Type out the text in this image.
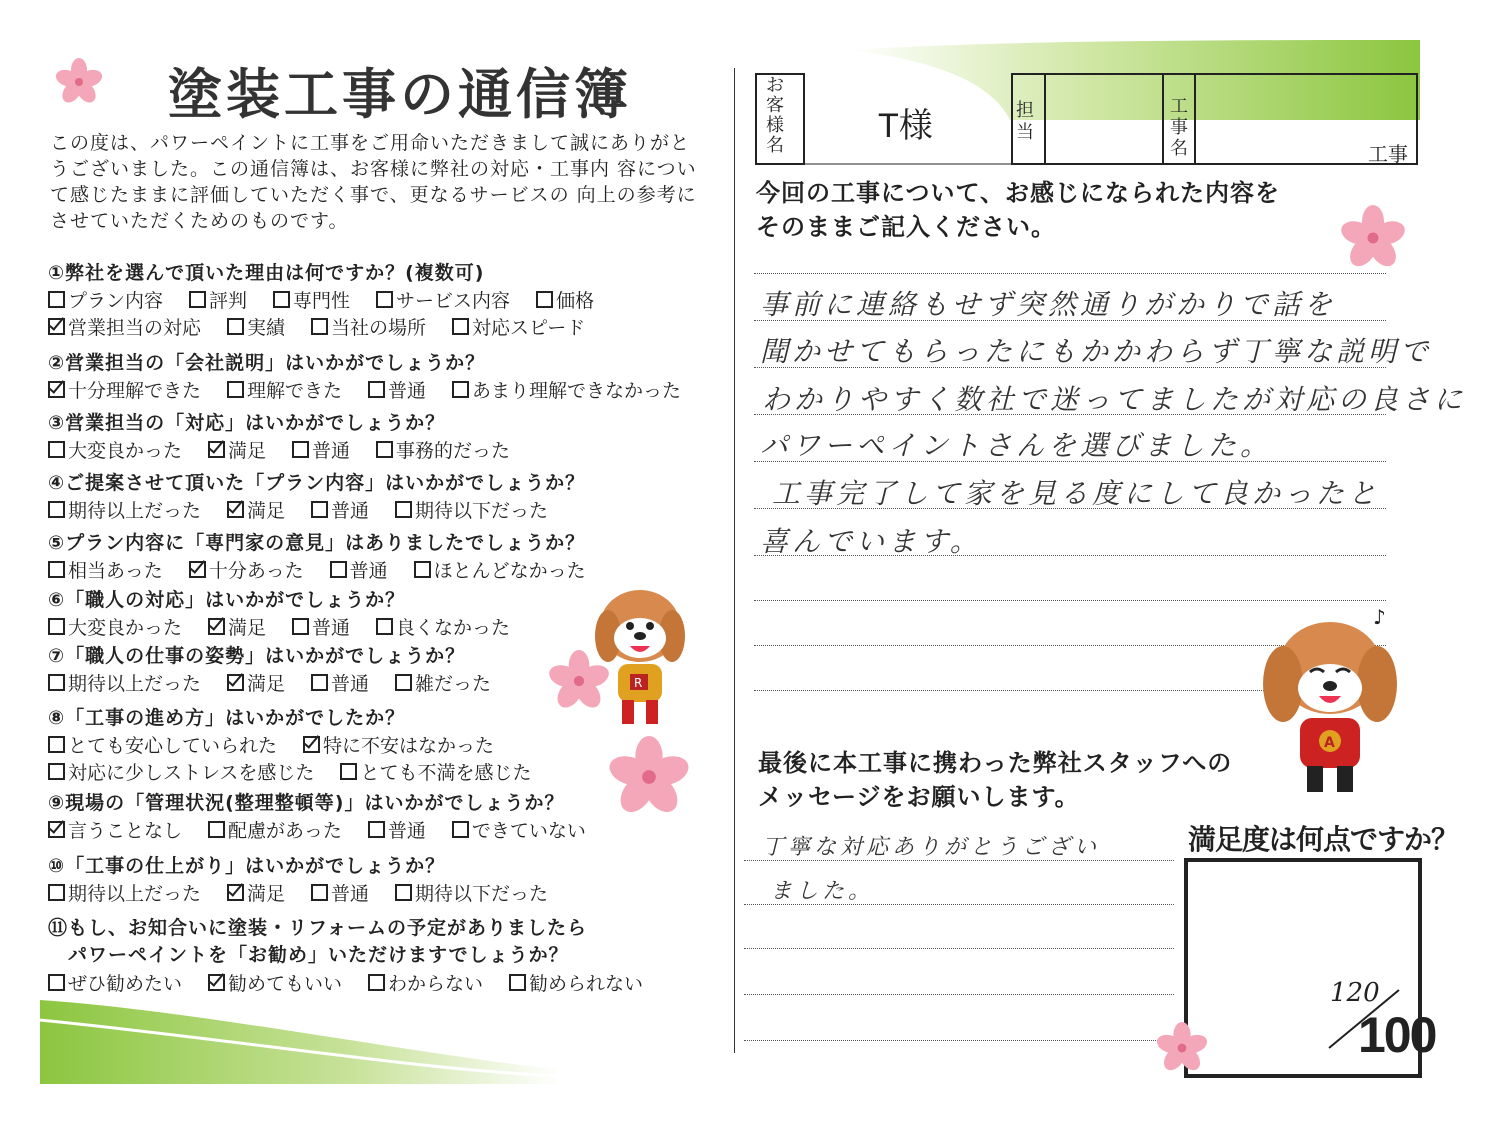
塗装工事の通信簿
この度は、パワーペイントに工事をご用命いただきまして誠にありがとうございました。この通信簿は、お客様に弊社の対応・工事内 容について感じたままに評価していただく事で、更なるサービスの 向上の参考にさせていただくためのものです。
①弊社を選んで頂いた理由は何ですか？(複数可)
プラン内容 評判 専門性 サービス内容 価格
営業担当の対応 実績 当社の場所 対応スピード
②営業担当の「会社説明」はいかがでしょうか？
十分理解できた 理解できた 普通 あまり理解できなかった
③営業担当の「対応」はいかがでしょうか？
大変良かった 満足 普通 事務的だった
④ご提案させて頂いた「プラン内容」はいかがでしょうか？
期待以上だった 満足 普通 期待以下だった
⑤プラン内容に「専門家の意見」はありましたでしょうか？
相当あった 十分あった 普通 ほとんどなかった
⑥「職人の対応」はいかがでしょうか？
大変良かった 満足 普通 良くなかった
⑦「職人の仕事の姿勢」はいかがでしょうか？
期待以上だった 満足 普通 雑だった
⑧「工事の進め方」はいかがでしたか？
とても安心していられた 特に不安はなかった
対応に少しストレスを感じた とても不満を感じた
⑨現場の「管理状況(整理整頓等)」はいかがでしょうか？
言うことなし 配慮があった 普通 できていない
⑩「工事の仕上がり」はいかがでしょうか？
期待以上だった 満足 普通 期待以下だった
⑪もし、お知合いに塗装・リフォームの予定がありましたら
　パワーペイントを「お勧め」いただけますでしょうか？
ぜひ勧めたい 勧めてもいい わからない 勧められない
R
お客様名
T様	担当
工事名	工事
今回の工事について、お感じになられた内容を
そのままご記入ください。
事前に連絡もせず突然通りがかりで話を
聞かせてもらったにもかかわらず丁寧な説明で
わかりやすく数社で迷ってましたが対応の良さに
パワーペイントさんを選びました。
工事完了して家を見る度にして良かったと
喜んでいます。
A
♪
最後に本工事に携わった弊社スタッフへの
メッセージをお願いします。
丁寧な対応ありがとうござい
ました。
満足度は何点ですか？
120
100
